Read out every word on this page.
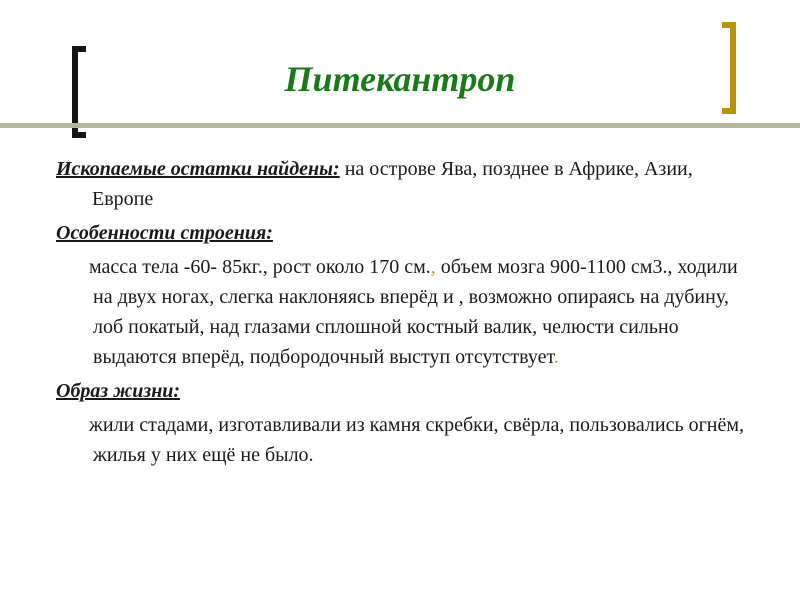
Питекантроп

Ископаемые остатки найдены: на острове Ява, позднее в Африке, Азии, Европе

Особенности строения:

масса тела -60- 85кг., рост около 170 см., объем мозга 900-1100 см3., ходили на двух ногах, слегка наклоняясь вперёд и , возможно опираясь на дубину, лоб покатый, над глазами сплошной костный валик, челюсти сильно выдаются вперёд, подбородочный выступ отсутствует.

Образ жизни:

жили стадами, изготавливали из камня скребки, свёрла, пользовались огнём, жилья у них ещё не было.
